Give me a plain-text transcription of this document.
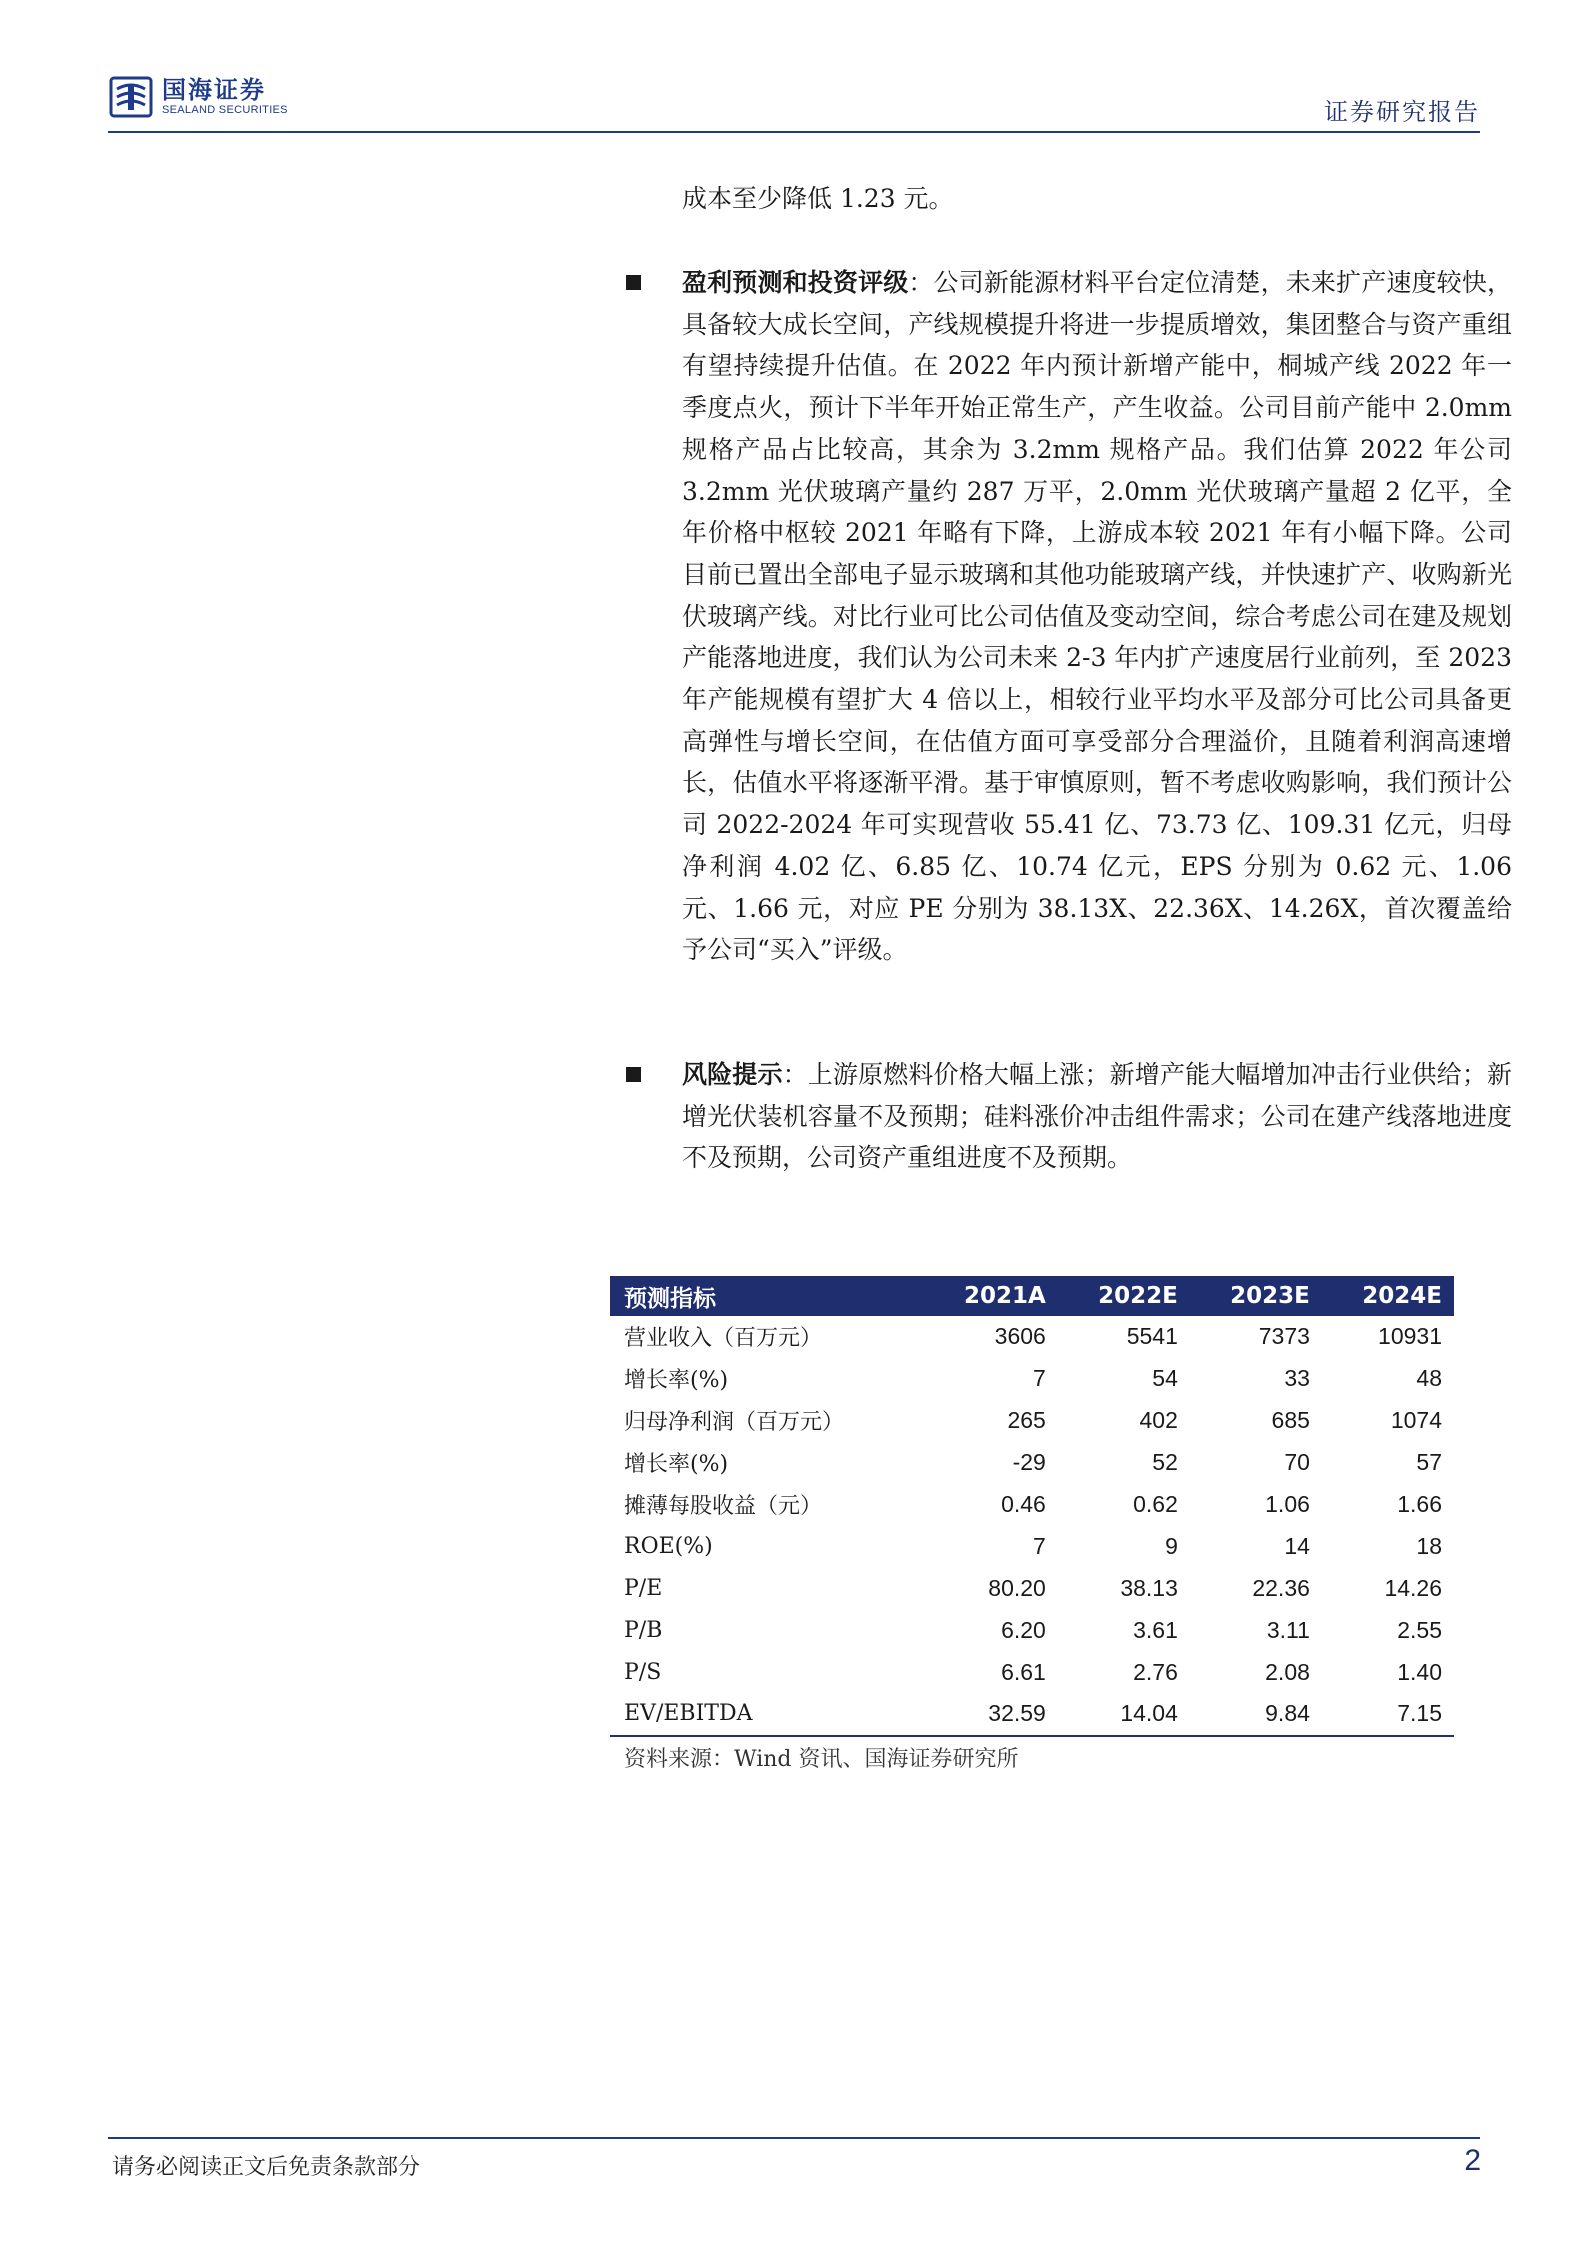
国海证券
SEALAND SECURITIES	证券研究报告
成本至少降低 1.23 元。
盈利预测和投资评级：公司新能源材料平台定位清楚，未来扩产速度较快，具备较大成长空间，产线规模提升将进一步提质增效，集团整合与资产重组有望持续提升估值。在 2022 年内预计新增产能中，桐城产线 2022 年一季度点火，预计下半年开始正常生产，产生收益。公司目前产能中 2.0mm 规格产品占比较高，其余为 3.2mm 规格产品。我们估算 2022 年公司 3.2mm 光伏玻璃产量约 287 万平，2.0mm 光伏玻璃产量超 2 亿平，全年价格中枢较 2021 年略有下降，上游成本较 2021 年有小幅下降。公司目前已置出全部电子显示玻璃和其他功能玻璃产线，并快速扩产、收购新光伏玻璃产线。对比行业可比公司估值及变动空间，综合考虑公司在建及规划产能落地进度，我们认为公司未来 2-3 年内扩产速度居行业前列，至 2023 年产能规模有望扩大 4 倍以上，相较行业平均水平及部分可比公司具备更高弹性与增长空间，在估值方面可享受部分合理溢价，且随着利润高速增长，估值水平将逐渐平滑。基于审慎原则，暂不考虑收购影响，我们预计公司 2022-2024 年可实现营收 55.41 亿、73.73 亿、109.31 亿元，归母净利润 4.02 亿、6.85 亿、10.74 亿元，EPS 分别为 0.62 元、1.06 元、1.66 元，对应 PE 分别为 38.13X、22.36X、14.26X，首次覆盖给予公司“买入”评级。
风险提示：上游原燃料价格大幅上涨；新增产能大幅增加冲击行业供给；新增光伏装机容量不及预期；硅料涨价冲击组件需求；公司在建产线落地进度不及预期，公司资产重组进度不及预期。
预测指标	2021A	2022E	2023E	2024E
营业收入（百万元）	3606	5541	7373	10931
增长率(%)	7	54	33	48
归母净利润（百万元）	265	402	685	1074
增长率(%)	-29	52	70	57
摊薄每股收益（元）	0.46	0.62	1.06	1.66
ROE(%)	7	9	14	18
P/E	80.20	38.13	22.36	14.26
P/B	6.20	3.61	3.11	2.55
P/S	6.61	2.76	2.08	1.40
EV/EBITDA	32.59	14.04	9.84	7.15
资料来源：Wind 资讯、国海证券研究所
请务必阅读正文后免责条款部分	2
